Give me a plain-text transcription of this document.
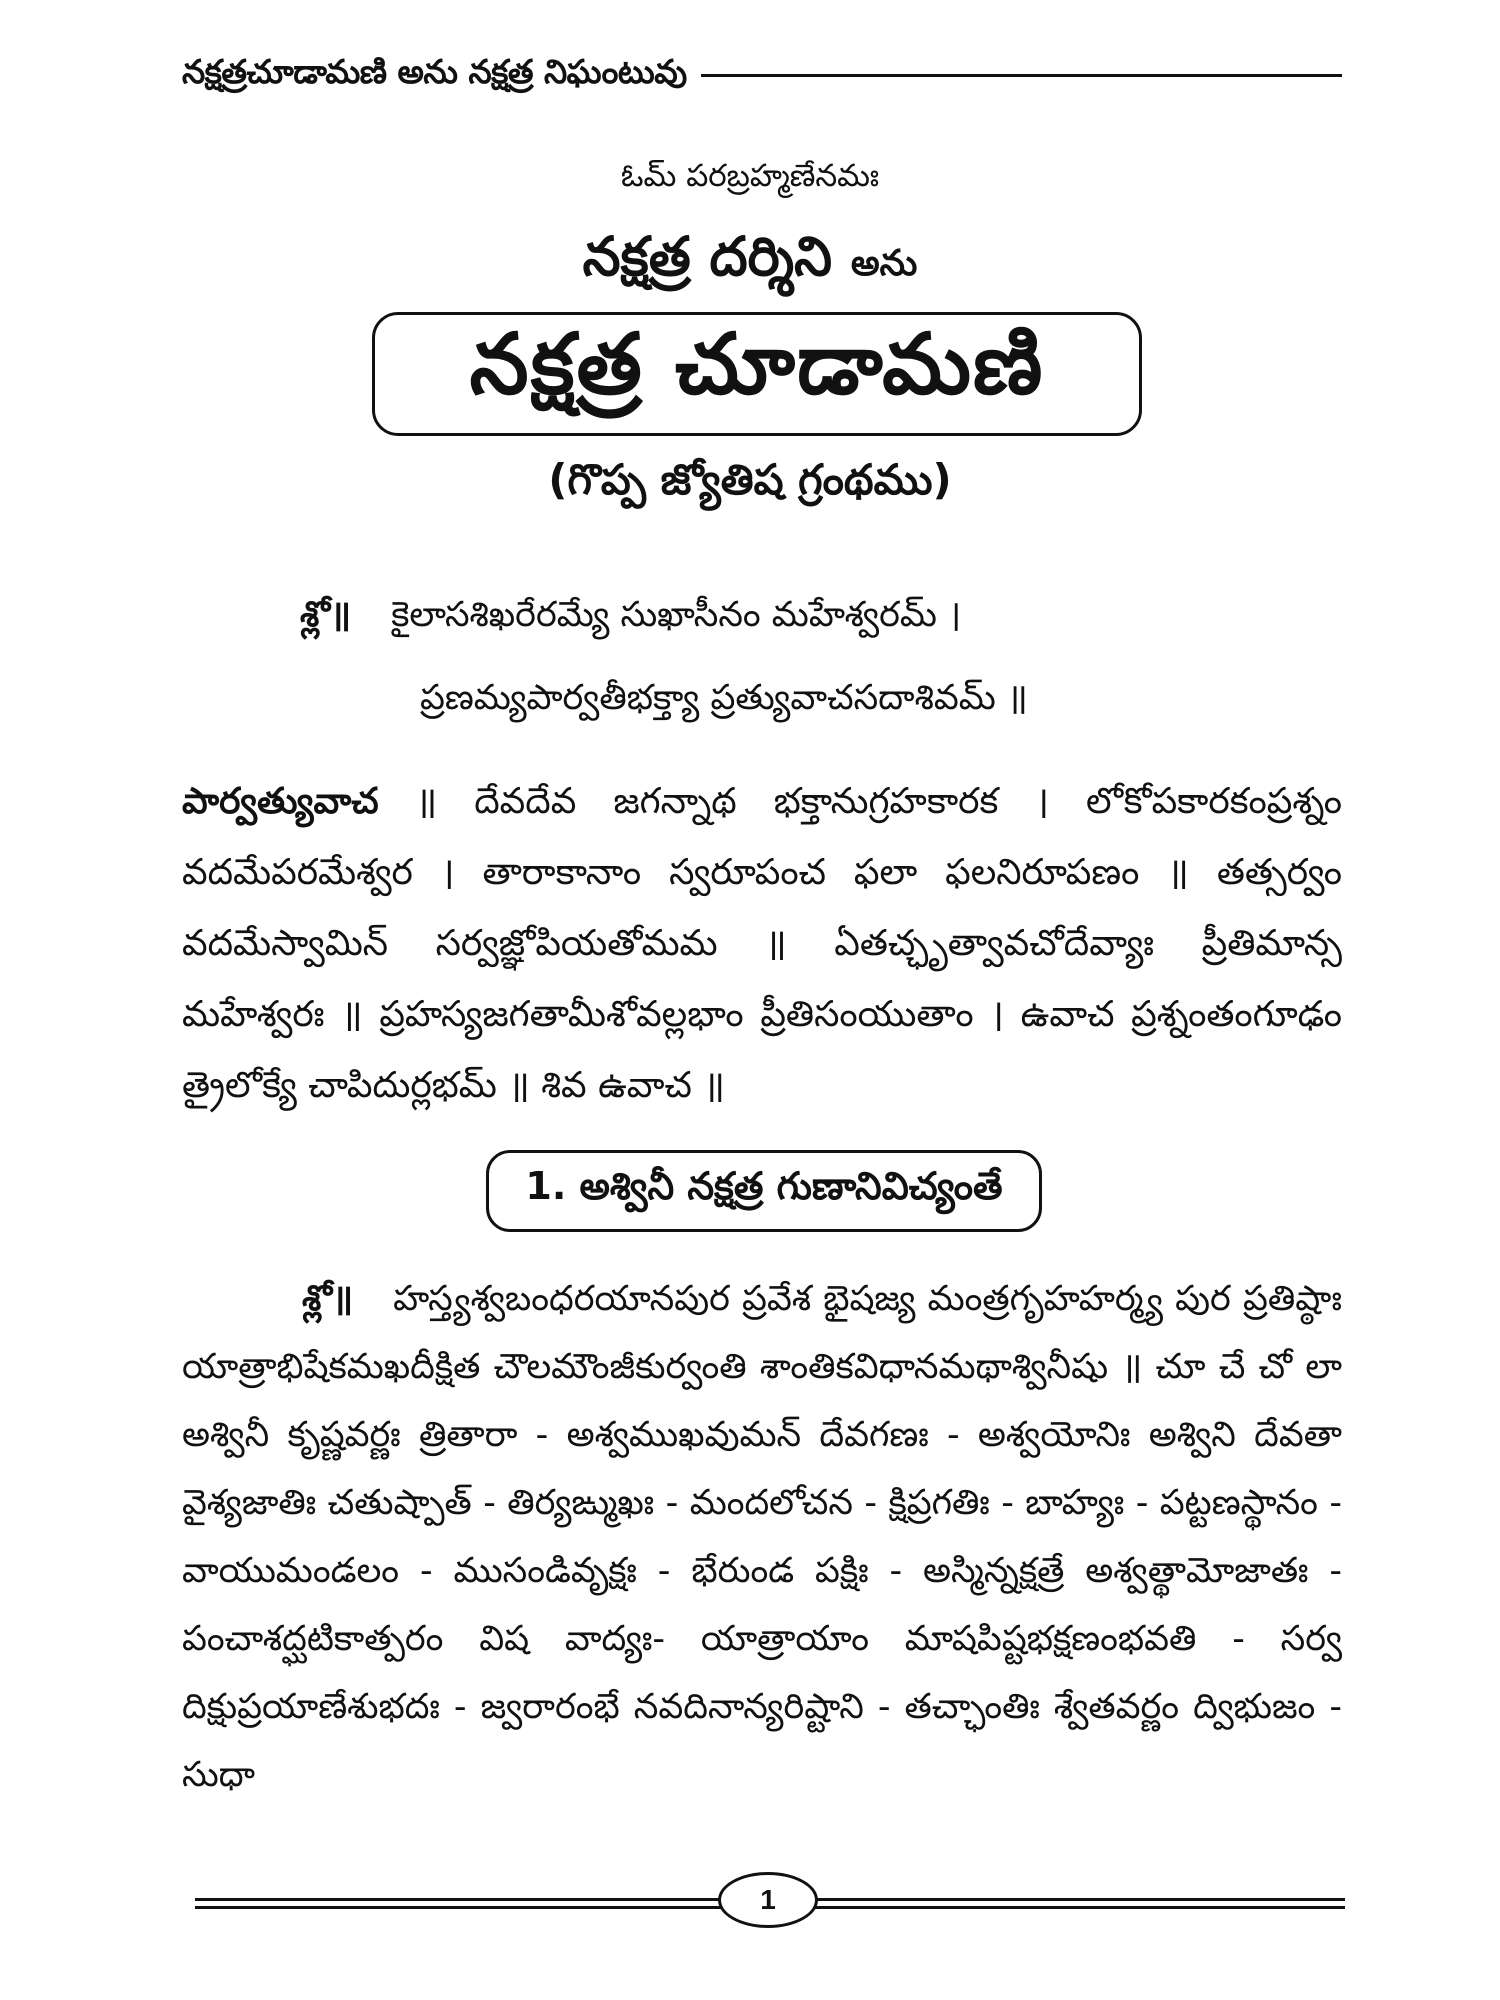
నక్షత్రచూడామణి అను నక్షత్ర నిఘంటువు
ఓమ్ పరబ్రహ్మణేనమః
నక్షత్ర దర్శిని అను
నక్షత్ర చూడామణి
(గొప్ప జ్యోతిష గ్రంథము)
శ్లో॥ కైలాసశిఖరేరమ్యే సుఖాసీనం మహేశ్వరమ్ ।
ప్రణమ్యపార్వతీభక్త్యా ప్రత్యువాచసదాశివమ్ ॥
పార్వత్యువాచ ॥ దేవదేవ జగన్నాథ భక్తానుగ్రహకారక । లోకోపకారకంప్రశ్నం వదమేపరమేశ్వర । తారాకానాం స్వరూపంచ ఫలా ఫలనిరూపణం ॥ తత్సర్వం వదమేస్వామిన్ సర్వజ్ఞోపియతోమమ ॥ ఏతచ్ఛృత్వావచోదేవ్యాః ప్రీతిమాన్స మహేశ్వరః ॥ ప్రహస్యజగతామీశోవల్లభాం ప్రీతిసంయుతాం । ఉవాచ ప్రశ్నంతంగూఢం త్రైలోక్యే చాపిదుర్లభమ్ ॥ శివ ఉవాచ ॥
1. అశ్వినీ నక్షత్ర గుణానివిచ్యంతే
శ్లో॥ హస్త్యశ్వబంధరయానపుర ప్రవేశ భైషజ్య మంత్రగృహహర్మ్య పుర ప్రతిష్ఠాః యాత్రాభిషేకమఖదీక్షిత చౌలమౌంజీకుర్వంతి శాంతికవిధానమథాశ్వినీషు ॥ చూ చే చో లా అశ్వినీ కృష్ణవర్ణః త్రితారా - అశ్వముఖవుమన్ దేవగణః - అశ్వయోనిః అశ్విని దేవతా వైశ్యజాతిః చతుష్పాత్ - తిర్యఙ్ముఖః - మందలోచన - క్షిప్రగతిః - బాహ్యః - పట్టణస్థానం - వాయుమండలం - ముసండివృక్షః - భేరుండ పక్షిః - అస్మిన్నక్షత్రే అశ్వత్థామోజాతః - పంచాశద్ఘటికాత్పరం విష వాద్యః- యాత్రాయాం మాషపిష్టభక్షణంభవతి - సర్వ దిక్షుప్రయాణేశుభదః - జ్వరారంభే నవదినాన్యరిష్టాని - తచ్ఛాంతిః శ్వేతవర్ణం ద్విభుజం - సుధా
1
